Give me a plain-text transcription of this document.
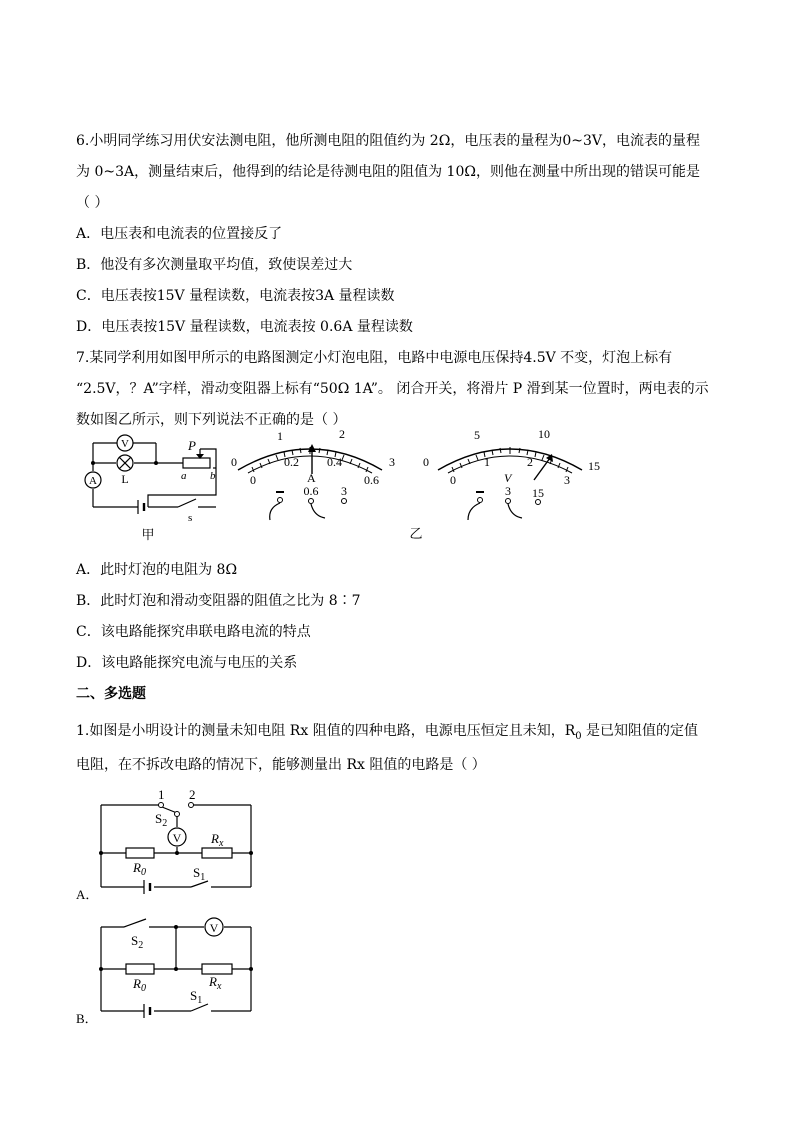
6.小明同学练习用伏安法测电阻，他所测电阻的阻值约为 2Ω，电压表的量程为0~3V，电流表的量程
为 0~3A，测量结束后，他得到的结论是待测电阻的阻值为 10Ω，则他在测量中所出现的错误可能是
（ ）
A．电压表和电流表的位置接反了
B．他没有多次测量取平均值，致使误差过大
C．电压表按15V 量程读数，电流表按3A 量程读数
D．电压表按15V 量程读数，电流表按 0.6A 量程读数
7.某同学利用如图甲所示的电路图测定小灯泡电阻，电路中电源电压保持4.5V 不变，灯泡上标有
“2.5V，？A”字样，滑动变阻器上标有“50Ω 1A”。 闭合开关，将滑片 P 滑到某一位置时，两电表的示
数如图乙所示，则下列说法不正确的是（ ）
V
L
A
P
a b
s
甲
0
1	2
3
0
0.2 0.4
0.6
A
0.6 3
0
5	10
15
0
1	2
3
V
3 15
乙
A．此时灯泡的电阻为 8Ω
B．此时灯泡和滑动变阻器的阻值之比为 8∶7
C．该电路能探究串联电路电流的特点
D．该电路能探究电流与电压的关系
二、多选题
1.如图是小明设计的测量未知电阻 Rx 阻值的四种电路，电源电压恒定且未知，$R_0$ 是已知阻值的定值
电阻，在不拆改电路的情况下，能够测量出 Rx 阻值的电路是（ ）
V
1 2
$S_2$
$R_x$
$R_0$	$S_1$
A．
V
$S_2$
$R_x$
$R_0$	$S_1$
B．
